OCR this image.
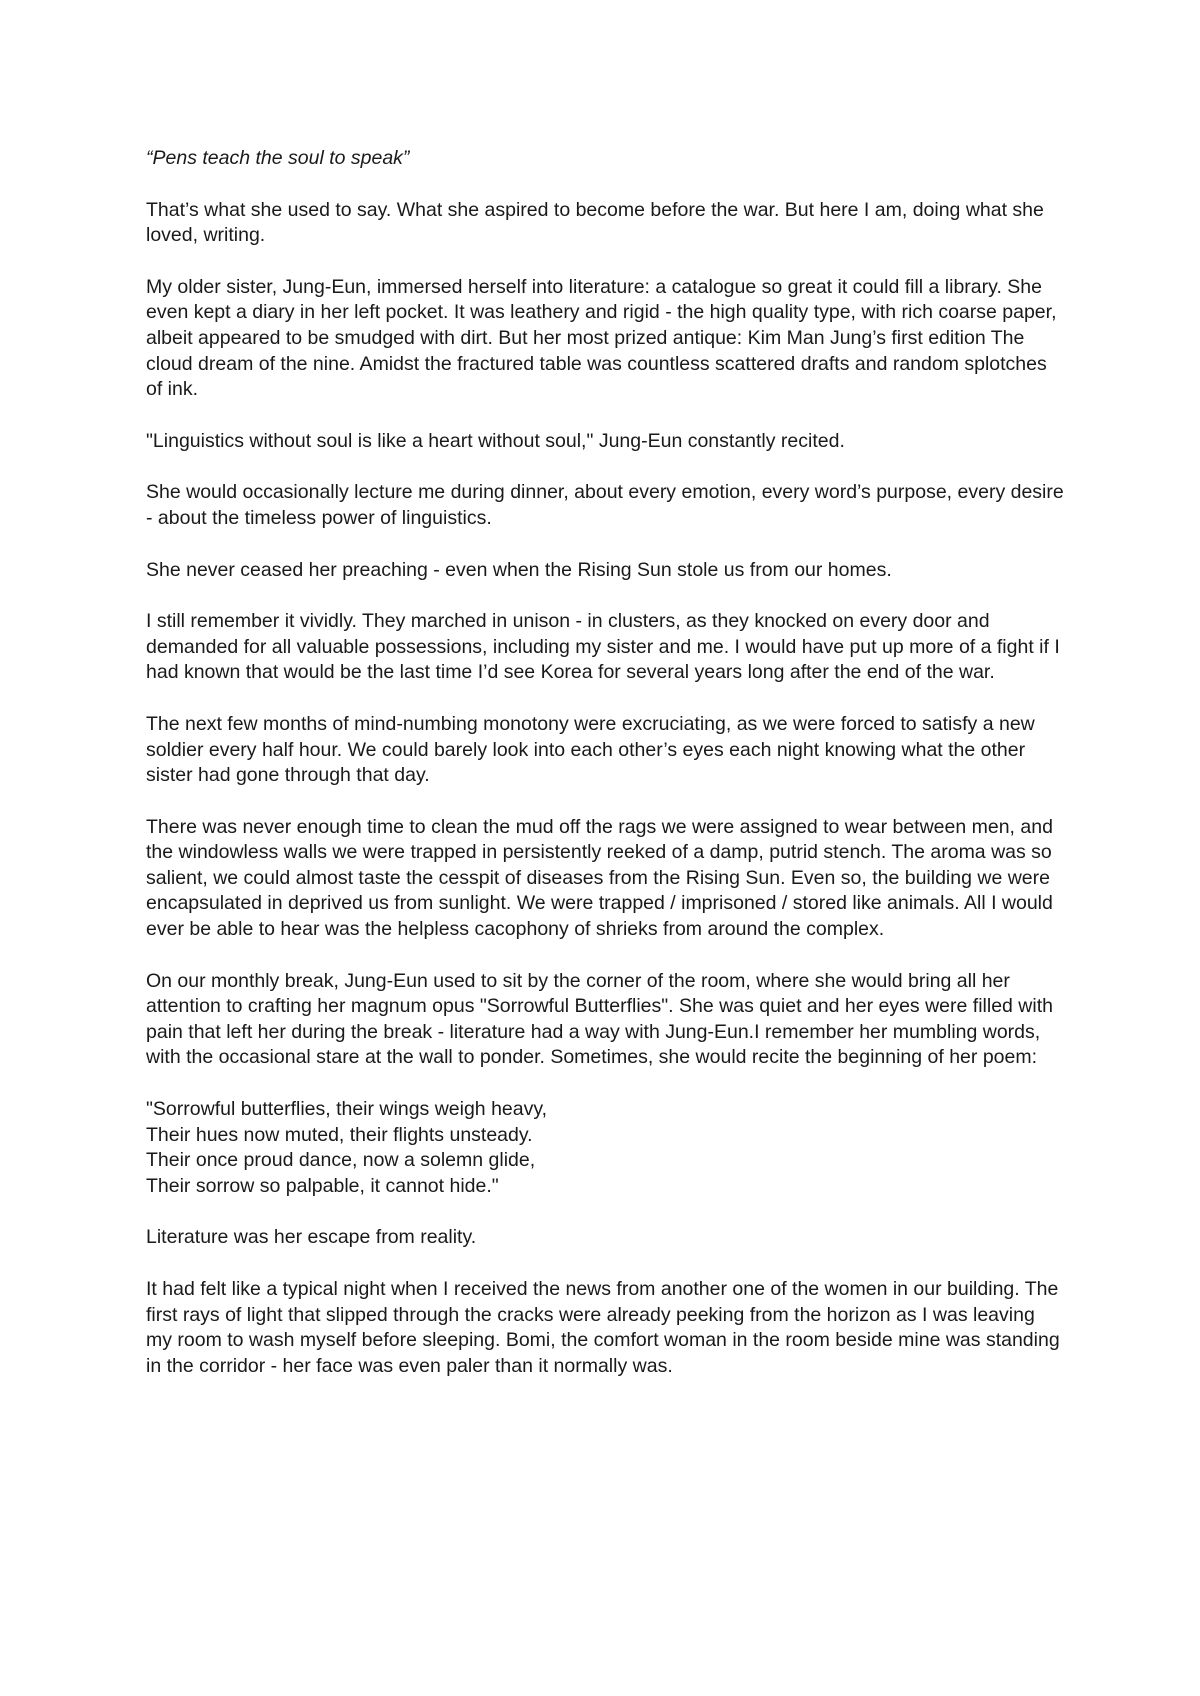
“Pens teach the soul to speak”

That’s what she used to say. What she aspired to become before the war. But here I am, doing what she loved, writing.

My older sister, Jung-Eun, immersed herself into literature: a catalogue so great it could fill a library. She even kept a diary in her left pocket. It was leathery and rigid - the high quality type, with rich coarse paper, albeit appeared to be smudged with dirt. But her most prized antique: Kim Man Jung’s first edition The cloud dream of the nine. Amidst the fractured table was countless scattered drafts and random splotches of ink.

"Linguistics without soul is like a heart without soul," Jung-Eun constantly recited.

She would occasionally lecture me during dinner, about every emotion, every word’s purpose, every desire - about the timeless power of linguistics.

She never ceased her preaching - even when the Rising Sun stole us from our homes.

I still remember it vividly. They marched in unison - in clusters, as they knocked on every door and demanded for all valuable possessions, including my sister and me. I would have put up more of a fight if I had known that would be the last time I’d see Korea for several years long after the end of the war.

The next few months of mind-numbing monotony were excruciating, as we were forced to satisfy a new soldier every half hour. We could barely look into each other’s eyes each night knowing what the other sister had gone through that day.

There was never enough time to clean the mud off the rags we were assigned to wear between men, and the windowless walls we were trapped in persistently reeked of a damp, putrid stench. The aroma was so salient, we could almost taste the cesspit of diseases from the Rising Sun. Even so, the building we were encapsulated in deprived us from sunlight. We were trapped / imprisoned / stored like animals. All I would ever be able to hear was the helpless cacophony of shrieks from around the complex.

On our monthly break, Jung-Eun used to sit by the corner of the room, where she would bring all her attention to crafting her magnum opus "Sorrowful Butterflies". She was quiet and her eyes were filled with pain that left her during the break - literature had a way with Jung-Eun.I remember her mumbling words, with the occasional stare at the wall to ponder. Sometimes, she would recite the beginning of her poem:

"Sorrowful butterflies, their wings weigh heavy,
Their hues now muted, their flights unsteady.
Their once proud dance, now a solemn glide,
Their sorrow so palpable, it cannot hide."

Literature was her escape from reality.

It had felt like a typical night when I received the news from another one of the women in our building. The first rays of light that slipped through the cracks were already peeking from the horizon as I was leaving my room to wash myself before sleeping. Bomi, the comfort woman in the room beside mine was standing in the corridor - her face was even paler than it normally was.
